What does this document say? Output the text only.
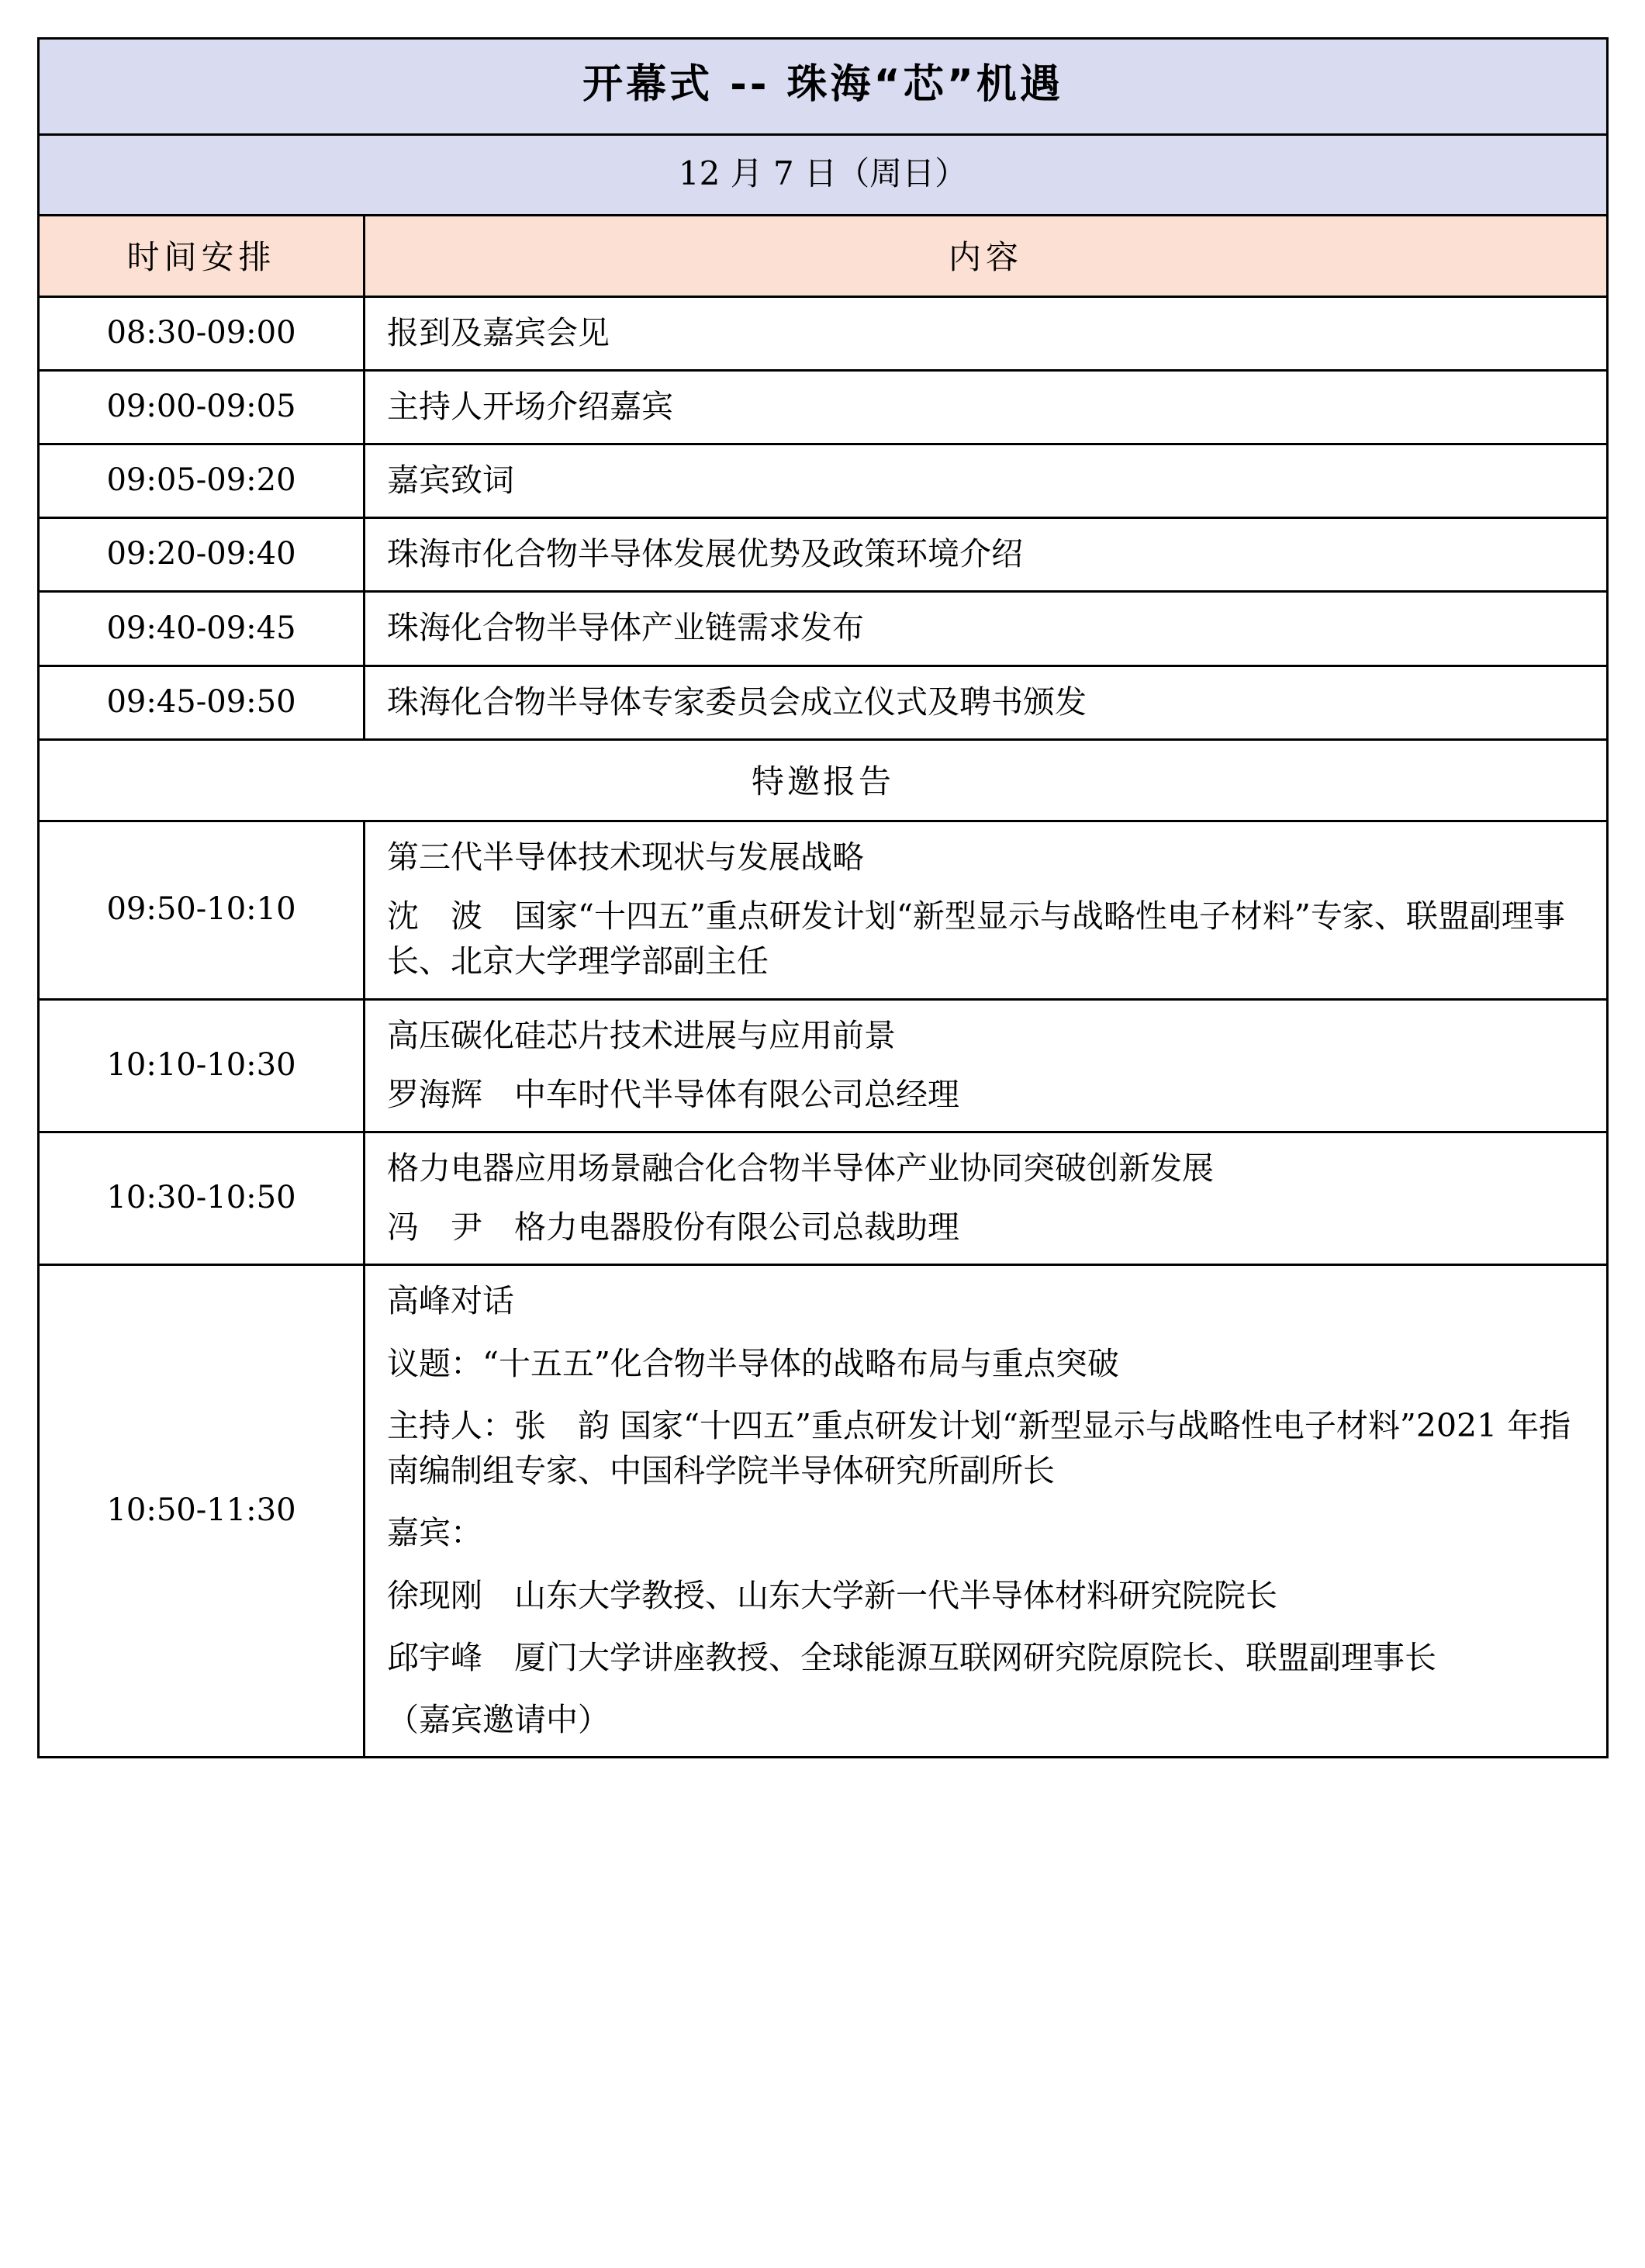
开幕式 -- 珠海“芯”机遇	
12 月 7 日（周日）	
时间安排	内容
08:30-09:00	报到及嘉宾会见

09:00-09:05	主持人开场介绍嘉宾

09:05-09:20	嘉宾致词

09:20-09:40	珠海市化合物半导体发展优势及政策环境介绍

09:40-09:45	珠海化合物半导体产业链需求发布

09:45-09:50	珠海化合物半导体专家委员会成立仪式及聘书颁发

特邀报告	
09:50-10:10	第三代半导体技术现状与发展战略
沈　波　国家“十四五”重点研发计划“新型显示与战略性电子材料”专家、联盟副理事长、北京大学理学部副主任

10:10-10:30	高压碳化硅芯片技术进展与应用前景
罗海辉　中车时代半导体有限公司总经理

10:30-10:50	格力电器应用场景融合化合物半导体产业协同突破创新发展
冯　尹　格力电器股份有限公司总裁助理

10:50-11:30	
高峰对话
议题：“十五五”化合物半导体的战略布局与重点突破
主持人：张　韵 国家“十四五”重点研发计划“新型显示与战略性电子材料”2021 年指南编制组专家、中国科学院半导体研究所副所长
嘉宾：
徐现刚　山东大学教授、山东大学新一代半导体材料研究院院长
邱宇峰　厦门大学讲座教授、全球能源互联网研究院原院长、联盟副理事长
（嘉宾邀请中）
